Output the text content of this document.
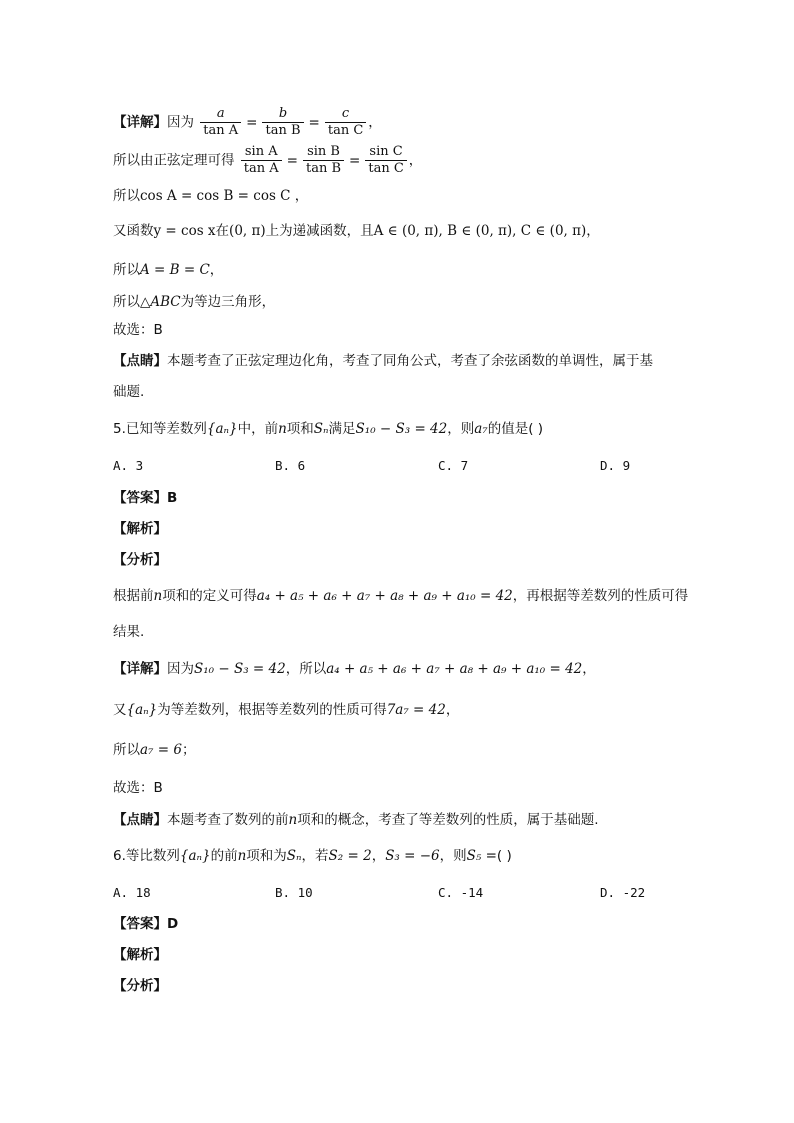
【详解】因为 $\frac{a}{\text{tan A}} = \frac{b}{\text{tan B}} = \frac{c}{\text{tan C}}$ ，
所以由正弦定理可得 $\frac{\text{sin A}}{\text{tan A}} = \frac{\text{sin B}}{\text{tan B}} = \frac{\text{sin C}}{\text{tan C}}$ ，
所以cos A = cos B = cos C ，
又函数y = cos x在(0, π)上为递减函数，且A ∈ (0, π), B ∈ (0, π), C ∈ (0, π)，
所以A = B = C，
所以△ABC为等边三角形，
故选：B
【点睛】本题考查了正弦定理边化角，考查了同角公式，考查了余弦函数的单调性，属于基
础题.
5.已知等差数列{aₙ}中，前n项和Sₙ满足S₁₀ − S₃ = 42，则a₇的值是( )
A. 3	B. 6	C. 7	D. 9
【答案】B
【解析】
【分析】
根据前n项和的定义可得a₄ + a₅ + a₆ + a₇ + a₈ + a₉ + a₁₀ = 42，再根据等差数列的性质可得
结果.
【详解】因为S₁₀ − S₃ = 42，所以a₄ + a₅ + a₆ + a₇ + a₈ + a₉ + a₁₀ = 42，
又{aₙ}为等差数列，根据等差数列的性质可得7a₇ = 42，
所以a₇ = 6；
故选：B
【点睛】本题考查了数列的前n项和的概念，考查了等差数列的性质，属于基础题.
6.等比数列{aₙ}的前n项和为Sₙ，若S₂ = 2，S₃ = −6，则S₅ =( )
A. 18	B. 10	C. -14	D. -22
【答案】D
【解析】
【分析】
